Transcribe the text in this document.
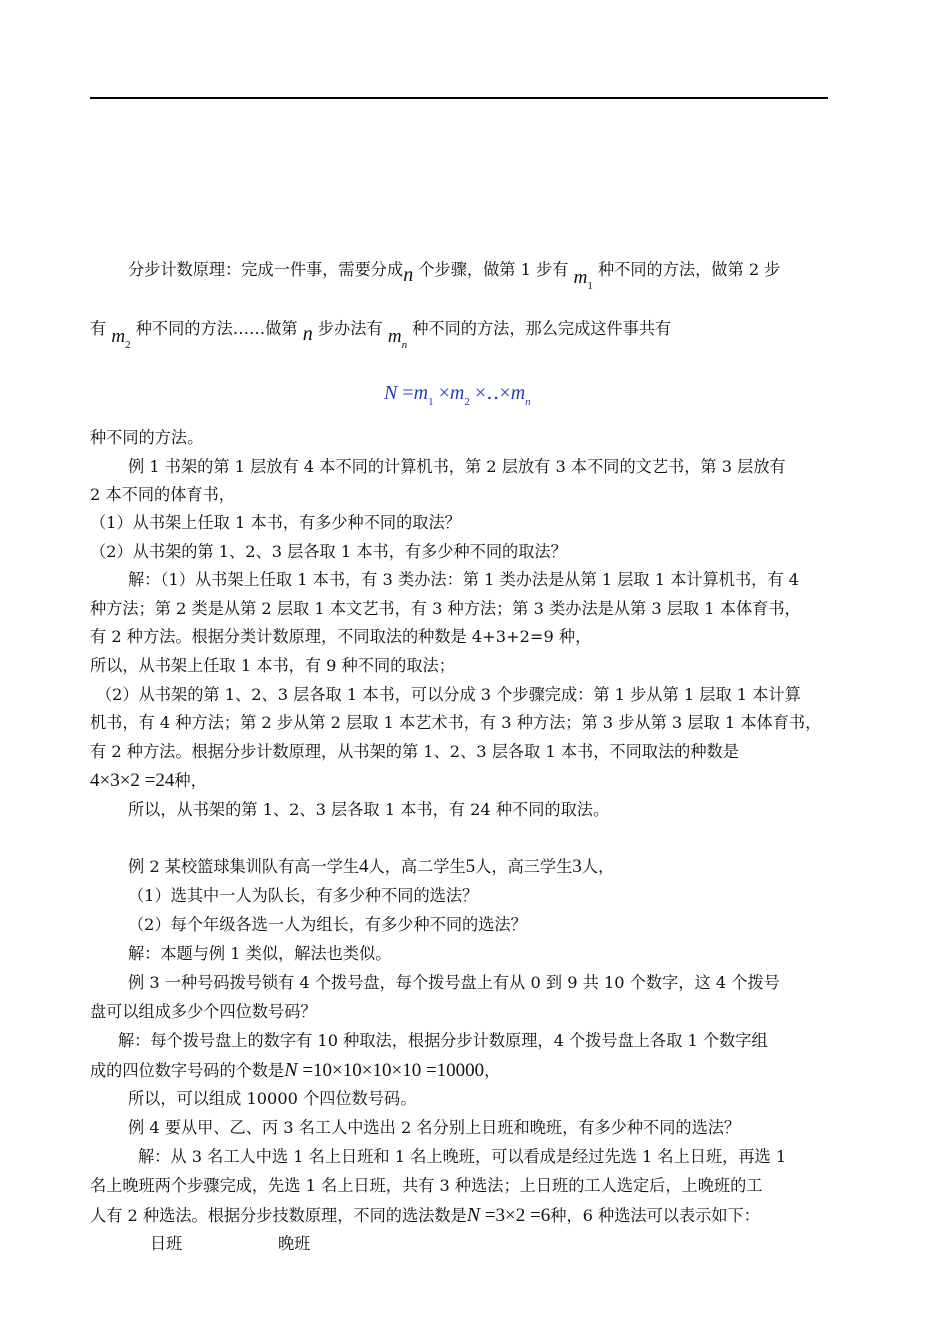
分步计数原理：完成一件事，需要分成n 个步骤，做第 1 步有 $m_1$ 种不同的方法，做第 2 步
有 $m_2$ 种不同的方法……做第 n 步办法有 $m_n$ 种不同的方法，那么完成这件事共有
$N =m_1 \times m_2$ $\times‥\times m_n$
种不同的方法。
例 1 书架的第 1 层放有 4 本不同的计算机书，第 2 层放有 3 本不同的文艺书，第 3 层放有
2 本不同的体育书，
（1）从书架上任取 1 本书，有多少种不同的取法？
（2）从书架的第 1、2、3 层各取 1 本书，有多少种不同的取法？
解：（1）从书架上任取 1 本书，有 3 类办法：第 1 类办法是从第 1 层取 1 本计算机书，有 4
种方法；第 2 类是从第 2 层取 1 本文艺书，有 3 种方法；第 3 类办法是从第 3 层取 1 本体育书，
有 2 种方法。根据分类计数原理，不同取法的种数是 4+3+2=9 种，
所以，从书架上任取 1 本书，有 9 种不同的取法；
（2）从书架的第 1、2、3 层各取 1 本书，可以分成 3 个步骤完成：第 1 步从第 1 层取 1 本计算
机书，有 4 种方法；第 2 步从第 2 层取 1 本艺术书，有 3 种方法；第 3 步从第 3 层取 1 本体育书，
有 2 种方法。根据分步计数原理，从书架的第 1、2、3 层各取 1 本书，不同取法的种数是
4×3×2 =24种，
所以，从书架的第 1、2、3 层各取 1 本书，有 24 种不同的取法。
例 2 某校篮球集训队有高一学生4人，高二学生5人，高三学生3人，
（1）选其中一人为队长，有多少种不同的选法？
（2）每个年级各选一人为组长，有多少种不同的选法？
解：本题与例 1 类似，解法也类似。
例 3 一种号码拨号锁有 4 个拨号盘，每个拨号盘上有从 0 到 9 共 10 个数字，这 4 个拨号
盘可以组成多少个四位数号码？
解：每个拨号盘上的数字有 10 种取法，根据分步计数原理，4 个拨号盘上各取 1 个数字组
成的四位数字号码的个数是N =10×10×10×10 =10000，
所以，可以组成 10000 个四位数号码。
例 4 要从甲、乙、丙 3 名工人中选出 2 名分别上日班和晚班，有多少种不同的选法？
解：从 3 名工人中选 1 名上日班和 1 名上晚班，可以看成是经过先选 1 名上日班，再选 1
名上晚班两个步骤完成，先选 1 名上日班，共有 3 种选法；上日班的工人选定后，上晚班的工
人有 2 种选法。根据分步技数原理，不同的选法数是N =3×2 =6种，6 种选法可以表示如下：
日班	晚班
